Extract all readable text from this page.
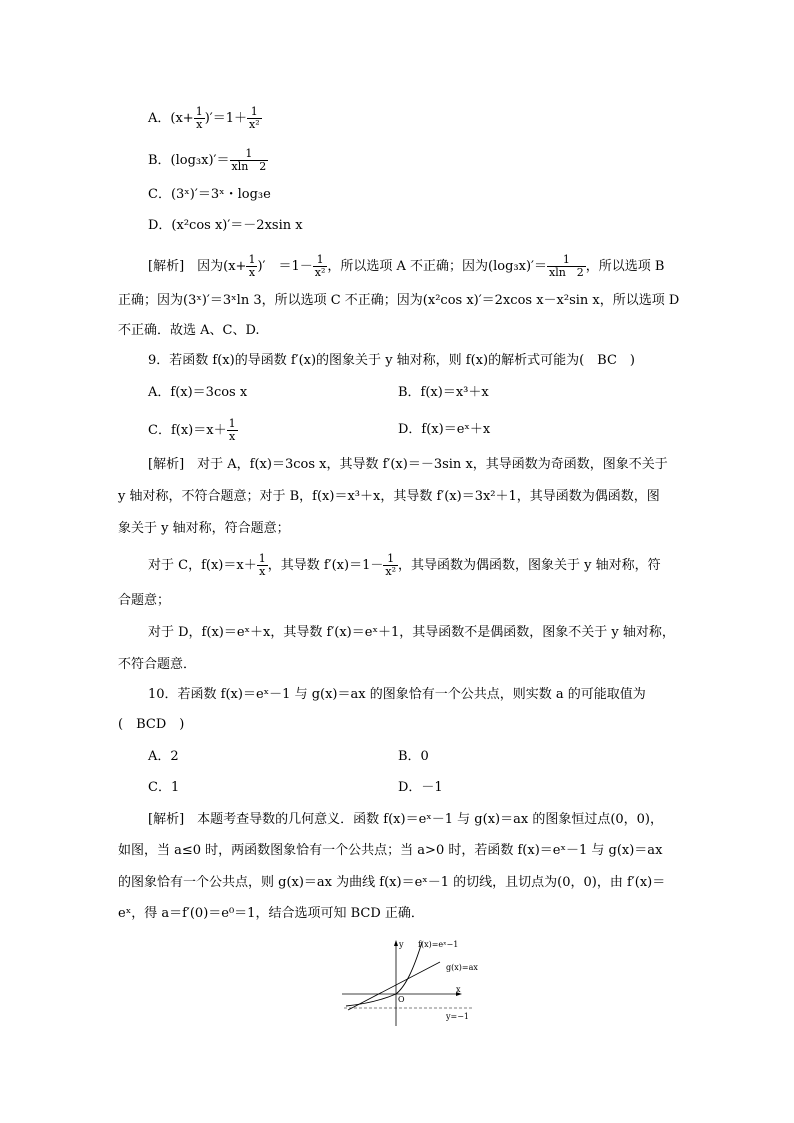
A．$(x+ \frac{1}{x} )'=1+ \frac{1}{\text{x²}}$
B．$(\log_3x)'= \frac{1}{xln 2}$
C．(3ˣ)′＝3ˣ・log₃e
D．(x²cos x)′＝－2xsin x
[解析]　因为($x+ \frac{1}{x}$ )′　$=1- \frac{1}{\text{x²}}$ ，所以选项 A 不正确；因为$(\log_3x)'= \frac{1}{xln 2}$ ，所以选项 B
正确；因为(3ˣ)′＝3ˣln 3，所以选项 C 不正确；因为(x²cos x)′＝2xcos x－x²sin x，所以选项 D
不正确．故选 A、C、D.
9．若函数 f(x)的导函数 f′(x)的图象关于 y 轴对称，则 f(x)的解析式可能为(　BC　)
A．f(x)＝3cos x	B．f(x)＝x³＋x
C．$f(x)=x+ \frac{1}{x}$	D．f(x)＝eˣ＋x
[解析]　对于 A，f(x)＝3cos x，其导数 f′(x)＝－3sin x，其导函数为奇函数，图象不关于
y 轴对称，不符合题意；对于 B，f(x)＝x³＋x，其导数 f′(x)＝3x²＋1，其导函数为偶函数，图
象关于 y 轴对称，符合题意；
对于 C，$f(x)=x+ \frac{1}{x}$ ，其导数 $f'(x)=1- \frac{1}{\text{x²}}$ ，其导函数为偶函数，图象关于 y 轴对称，符
合题意；
对于 D，f(x)＝eˣ＋x，其导数 f′(x)＝eˣ＋1，其导函数不是偶函数，图象不关于 y 轴对称，
不符合题意．
10．若函数 f(x)＝eˣ－1 与 g(x)＝ax 的图象恰有一个公共点，则实数 a 的可能取值为
(　BCD　)
A．2	B．0
C．1	D．－1
[解析]　本题考查导数的几何意义．函数 f(x)＝eˣ－1 与 g(x)＝ax 的图象恒过点(0，0)，
如图，当 a≤0 时，两函数图象恰有一个公共点；当 a>0 时，若函数 f(x)＝eˣ－1 与 g(x)＝ax
的图象恰有一个公共点，则 g(x)＝ax 为曲线 f(x)＝eˣ－1 的切线，且切点为(0，0)，由 f′(x)＝
eˣ，得 a＝f′(0)＝e⁰＝1，结合选项可知 BCD 正确．
y
x
O
f(x)=eˣ−1
g(x)=ax
y=−1
